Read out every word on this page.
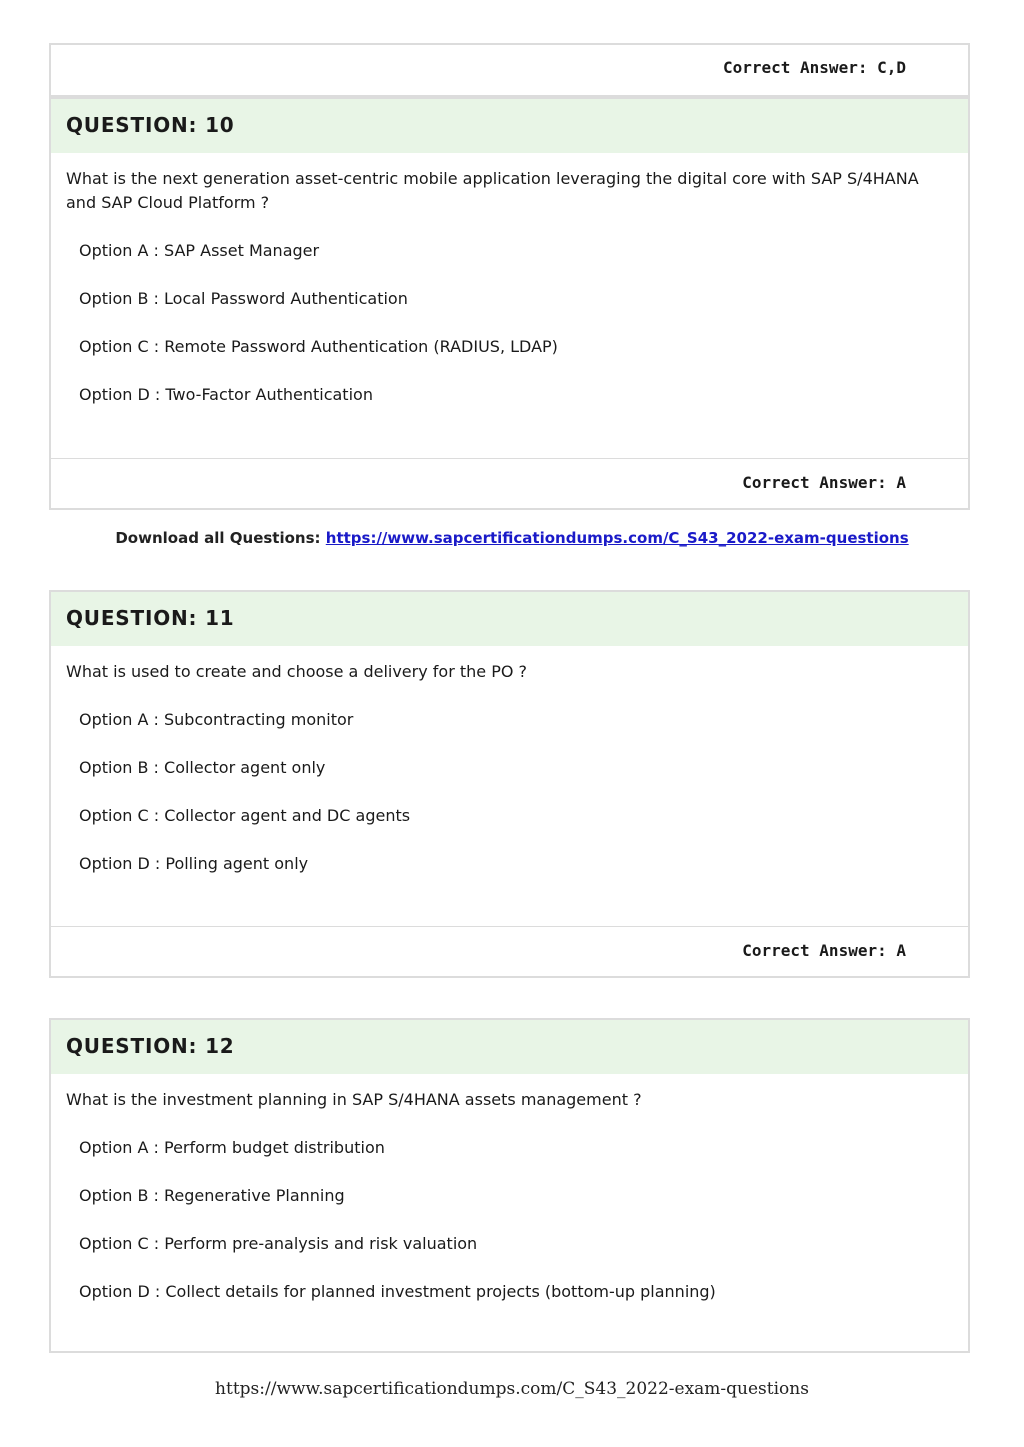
Correct Answer: C,D
QUESTION: 10
What is the next generation asset-centric mobile application leveraging the digital core with SAP S/4HANA and SAP Cloud Platform ?
Option A : SAP Asset Manager
Option B : Local Password Authentication
Option C : Remote Password Authentication (RADIUS, LDAP)
Option D : Two-Factor Authentication
Correct Answer: A
Download all Questions: https://www.sapcertificationdumps.com/C_S43_2022-exam-questions
QUESTION: 11
What is used to create and choose a delivery for the PO ?
Option A : Subcontracting monitor
Option B : Collector agent only
Option C : Collector agent and DC agents
Option D : Polling agent only
Correct Answer: A
QUESTION: 12
What is the investment planning in SAP S/4HANA assets management ?
Option A : Perform budget distribution
Option B : Regenerative Planning
Option C : Perform pre-analysis and risk valuation
Option D : Collect details for planned investment projects (bottom-up planning)
https://www.sapcertificationdumps.com/C_S43_2022-exam-questions
